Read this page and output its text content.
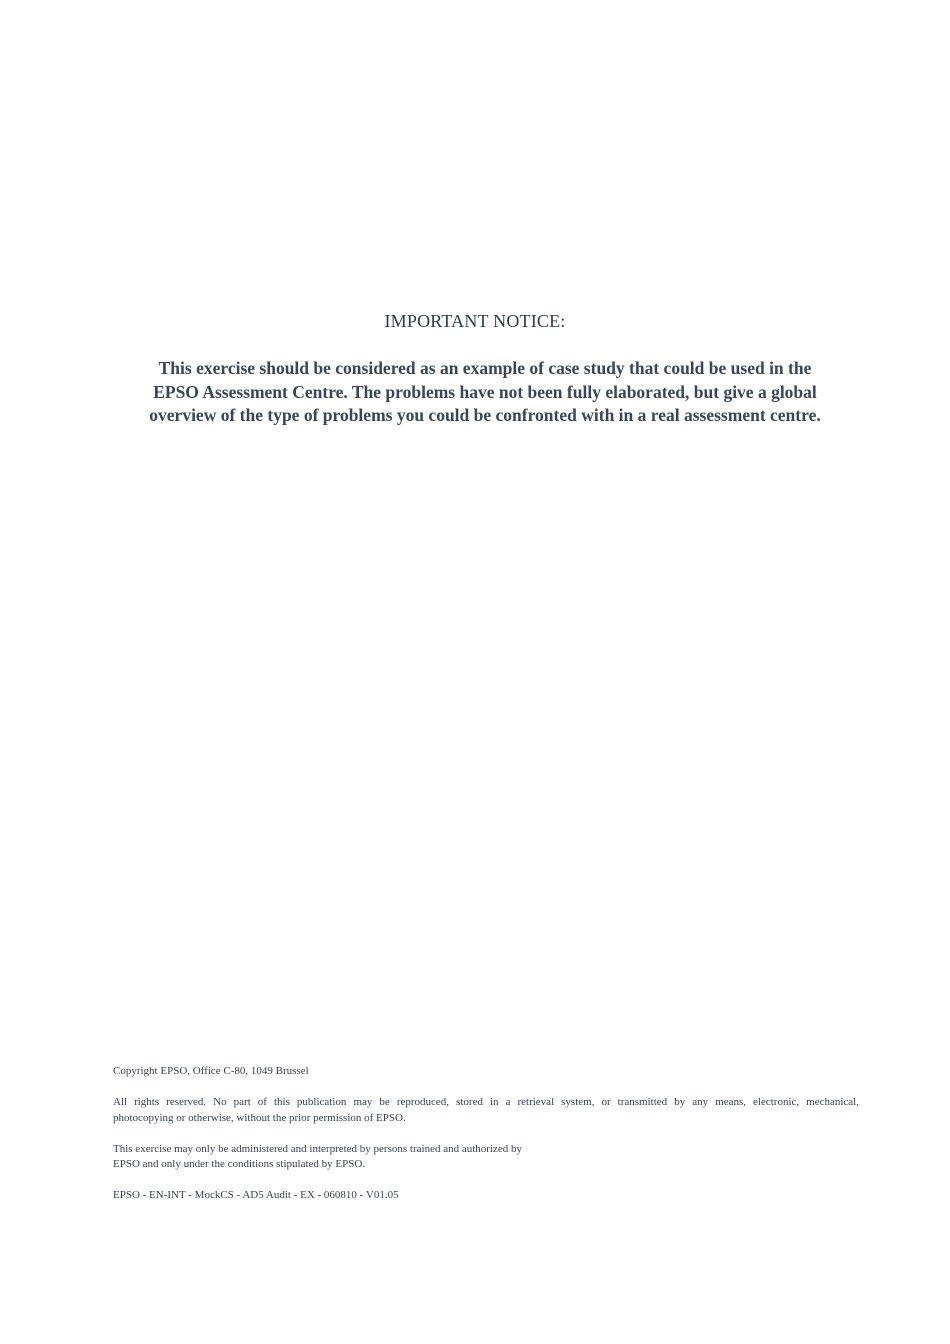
IMPORTANT NOTICE:
This exercise should be considered as an example of case study that could be used in the
EPSO Assessment Centre. The problems have not been fully elaborated, but give a global
overview of the type of problems you could be confronted with in a real assessment centre.

Copyright EPSO, Office C-80, 1049 Brussel

All rights reserved. No part of this publication may be reproduced, stored in a retrieval system, or transmitted by any means, electronic, mechanical,

photocopying or otherwise, without the prior permission of EPSO.

This exercise may only be administered and interpreted by persons trained and authorized by

EPSO and only under the conditions stipulated by EPSO.

EPSO - EN-INT - MockCS - AD5 Audit - EX - 060810 - V01.05
